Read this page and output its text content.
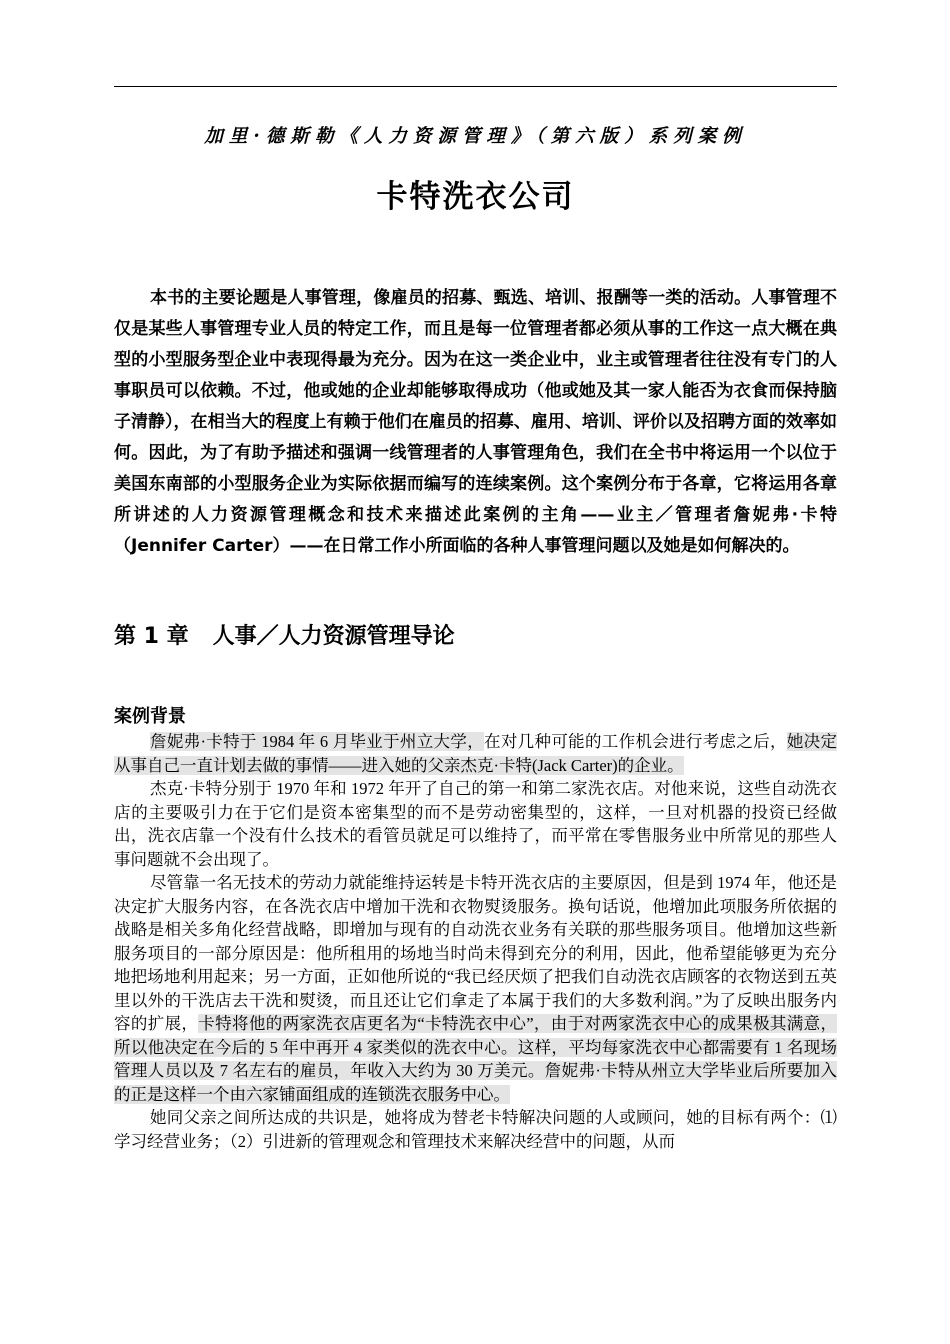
加里·德斯勒《人力资源管理》（第六版）系列案例
卡特洗衣公司

本书的主要论题是人事管理，像雇员的招募、甄选、培训、报酬等一类的活动。人事管理不仅是某些人事管理专业人员的特定工作，而且是每一位管理者都必须从事的工作这一点大概在典型的小型服务型企业中表现得最为充分。因为在这一类企业中，业主或管理者往往没有专门的人事职员可以依赖。不过，他或她的企业却能够取得成功（他或她及其一家人能否为衣食而保持脑子清静），在相当大的程度上有赖于他们在雇员的招募、雇用、培训、评价以及招聘方面的效率如何。因此，为了有助予描述和强调一线管理者的人事管理角色，我们在全书中将运用一个以位于美国东南部的小型服务企业为实际依据而编写的连续案例。这个案例分布于各章，它将运用各章所讲述的人力资源管理概念和技术来描述此案例的主角——业主／管理者詹妮弗·卡特（Jennifer Carter）——在日常工作小所面临的各种人事管理问题以及她是如何解决的。

第 1 章 人事／人力资源管理导论
案例背景

詹妮弗·卡特于 1984 年 6 月毕业于州立大学，在对几种可能的工作机会进行考虑之后，她决定从事自己一直计划去做的事情——进入她的父亲杰克·卡特(Jack Carter)的企业。

杰克·卡特分别于 1970 年和 1972 年开了自己的第一和第二家洗衣店。对他来说，这些自动洗衣店的主要吸引力在于它们是资本密集型的而不是劳动密集型的，这样，一旦对机器的投资已经做出，洗衣店靠一个没有什么技术的看管员就足可以维持了，而平常在零售服务业中所常见的那些人事问题就不会出现了。

尽管靠一名无技术的劳动力就能维持运转是卡特开洗衣店的主要原因，但是到 1974 年，他还是决定扩大服务内容，在各洗衣店中增加干洗和衣物熨烫服务。换句话说，他增加此项服务所依据的战略是相关多角化经营战略，即增加与现有的自动洗衣业务有关联的那些服务项目。他增加这些新服务项目的一部分原因是：他所租用的场地当时尚未得到充分的利用，因此，他希望能够更为充分地把场地利用起来；另一方面，正如他所说的“我已经厌烦了把我们自动洗衣店顾客的衣物送到五英里以外的干洗店去干洗和熨烫，而且还让它们拿走了本属于我们的大多数利润。”为了反映出服务内容的扩展，卡特将他的两家洗衣店更名为“卡特洗衣中心”，由于对两家洗衣中心的成果极其满意，所以他决定在今后的 5 年中再开 4 家类似的洗衣中心。这样，平均每家洗衣中心都需要有 1 名现场管理人员以及 7 名左右的雇员，年收入大约为 30 万美元。詹妮弗·卡特从州立大学毕业后所要加入的正是这样一个由六家铺面组成的连锁洗衣服务中心。

她同父亲之间所达成的共识是，她将成为替老卡特解决问题的人或顾问，她的目标有两个：⑴学习经营业务；（2）引进新的管理观念和管理技术来解决经营中的问题，从而
